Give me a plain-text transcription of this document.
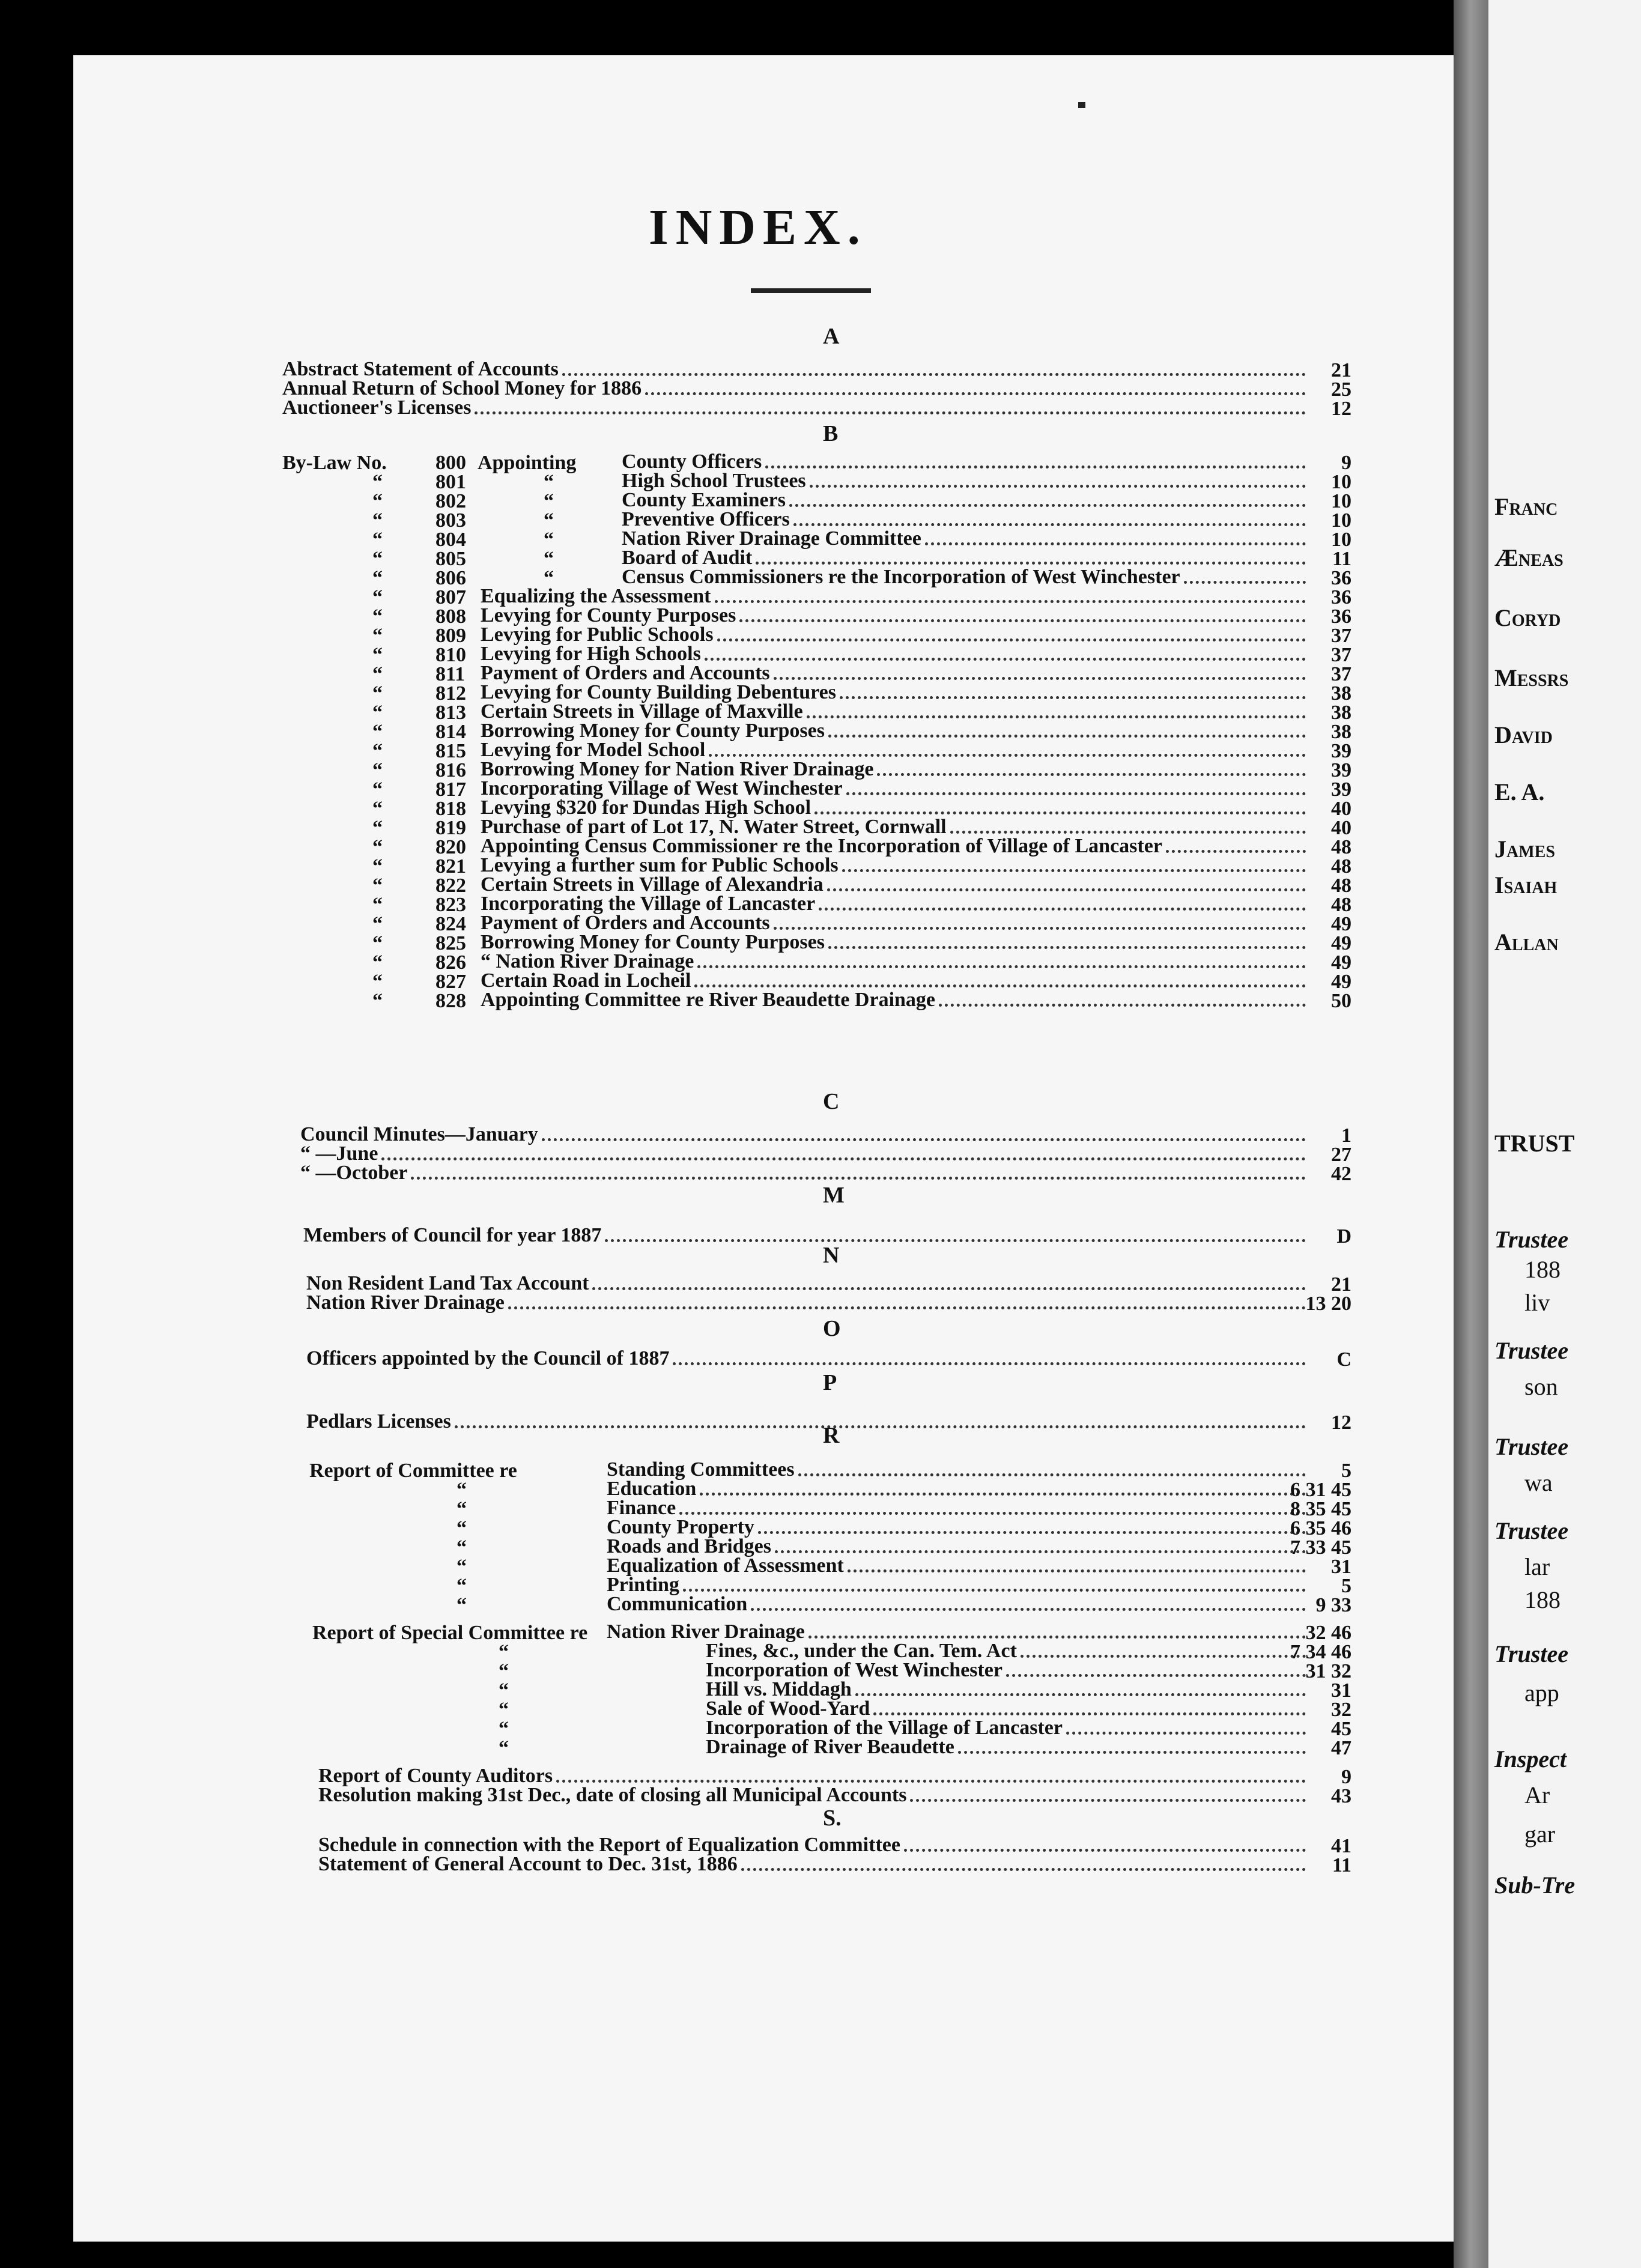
Franc
Æneas
Coryd
Messrs
David
E. A.
James
Isaiah
Allan
TRUST
Trustee
188
liv
Trustee
son
Trustee
wa
Trustee
lar
188
Trustee
app
Inspect
Ar
gar
Sub-Tre
INDEX.
A
Abstract Statement of Accounts	21
Annual Return of School Money for 1886	25
Auctioneer's Licenses	12
B
By-Law No. 800 Appointing County Officers	9
“	801	“	High School Trustees	10
“	802	“	County Examiners	10
“	803	“	Preventive Officers	10
“	804	“	Nation River Drainage Committee	10
“	805	“	Board of Audit	11
“	806	“	Census Commissioners re the Incorporation of West Winchester	36
“	807 Equalizing the Assessment	36
“	808 Levying for County Purposes	36
“	809 Levying for Public Schools	37
“	810 Levying for High Schools	37
“	811 Payment of Orders and Accounts	37
“	812 Levying for County Building Debentures	38
“	813 Certain Streets in Village of Maxville	38
“	814 Borrowing Money for County Purposes	38
“	815 Levying for Model School	39
“	816 Borrowing Money for Nation River Drainage	39
“	817 Incorporating Village of West Winchester	39
“	818 Levying $320 for Dundas High School	40
“	819 Purchase of part of Lot 17, N. Water Street, Cornwall	40
“	820 Appointing Census Commissioner re the Incorporation of Village of Lancaster	48
“	821 Levying a further sum for Public Schools	48
“	822 Certain Streets in Village of Alexandria	48
“	823 Incorporating the Village of Lancaster	48
“	824 Payment of Orders and Accounts	49
“	825 Borrowing Money for County Purposes	49
“	826 “ Nation River Drainage	49
“	827 Certain Road in Locheil	49
“	828 Appointing Committee re River Beaudette Drainage	50
C
Council Minutes—January	1
“ —June	27
“ —October	42
M
Members of Council for year 1887	D
N
Non Resident Land Tax Account	21
Nation River Drainage	13 20
O
Officers appointed by the Council of 1887	C
P
Pedlars Licenses	12
R
Report of Committee re	Standing Committees	5
“	Education	6 31 45
“	Finance	8 35 45
“	County Property	6 35 46
“	Roads and Bridges	7 33 45
“	Equalization of Assessment	31
“	Printing	5
“	Communication	9 33
Report of Special Committee re Nation River Drainage	32 46
“	Fines, &c., under the Can. Tem. Act	7 34 46
“	Incorporation of West Winchester	31 32
“	Hill vs. Middagh	31
“	Sale of Wood-Yard	32
“	Incorporation of the Village of Lancaster	45
“	Drainage of River Beaudette	47
Report of County Auditors	9
Resolution making 31st Dec., date of closing all Municipal Accounts	43
S.
Schedule in connection with the Report of Equalization Committee	41
Statement of General Account to Dec. 31st, 1886	11
